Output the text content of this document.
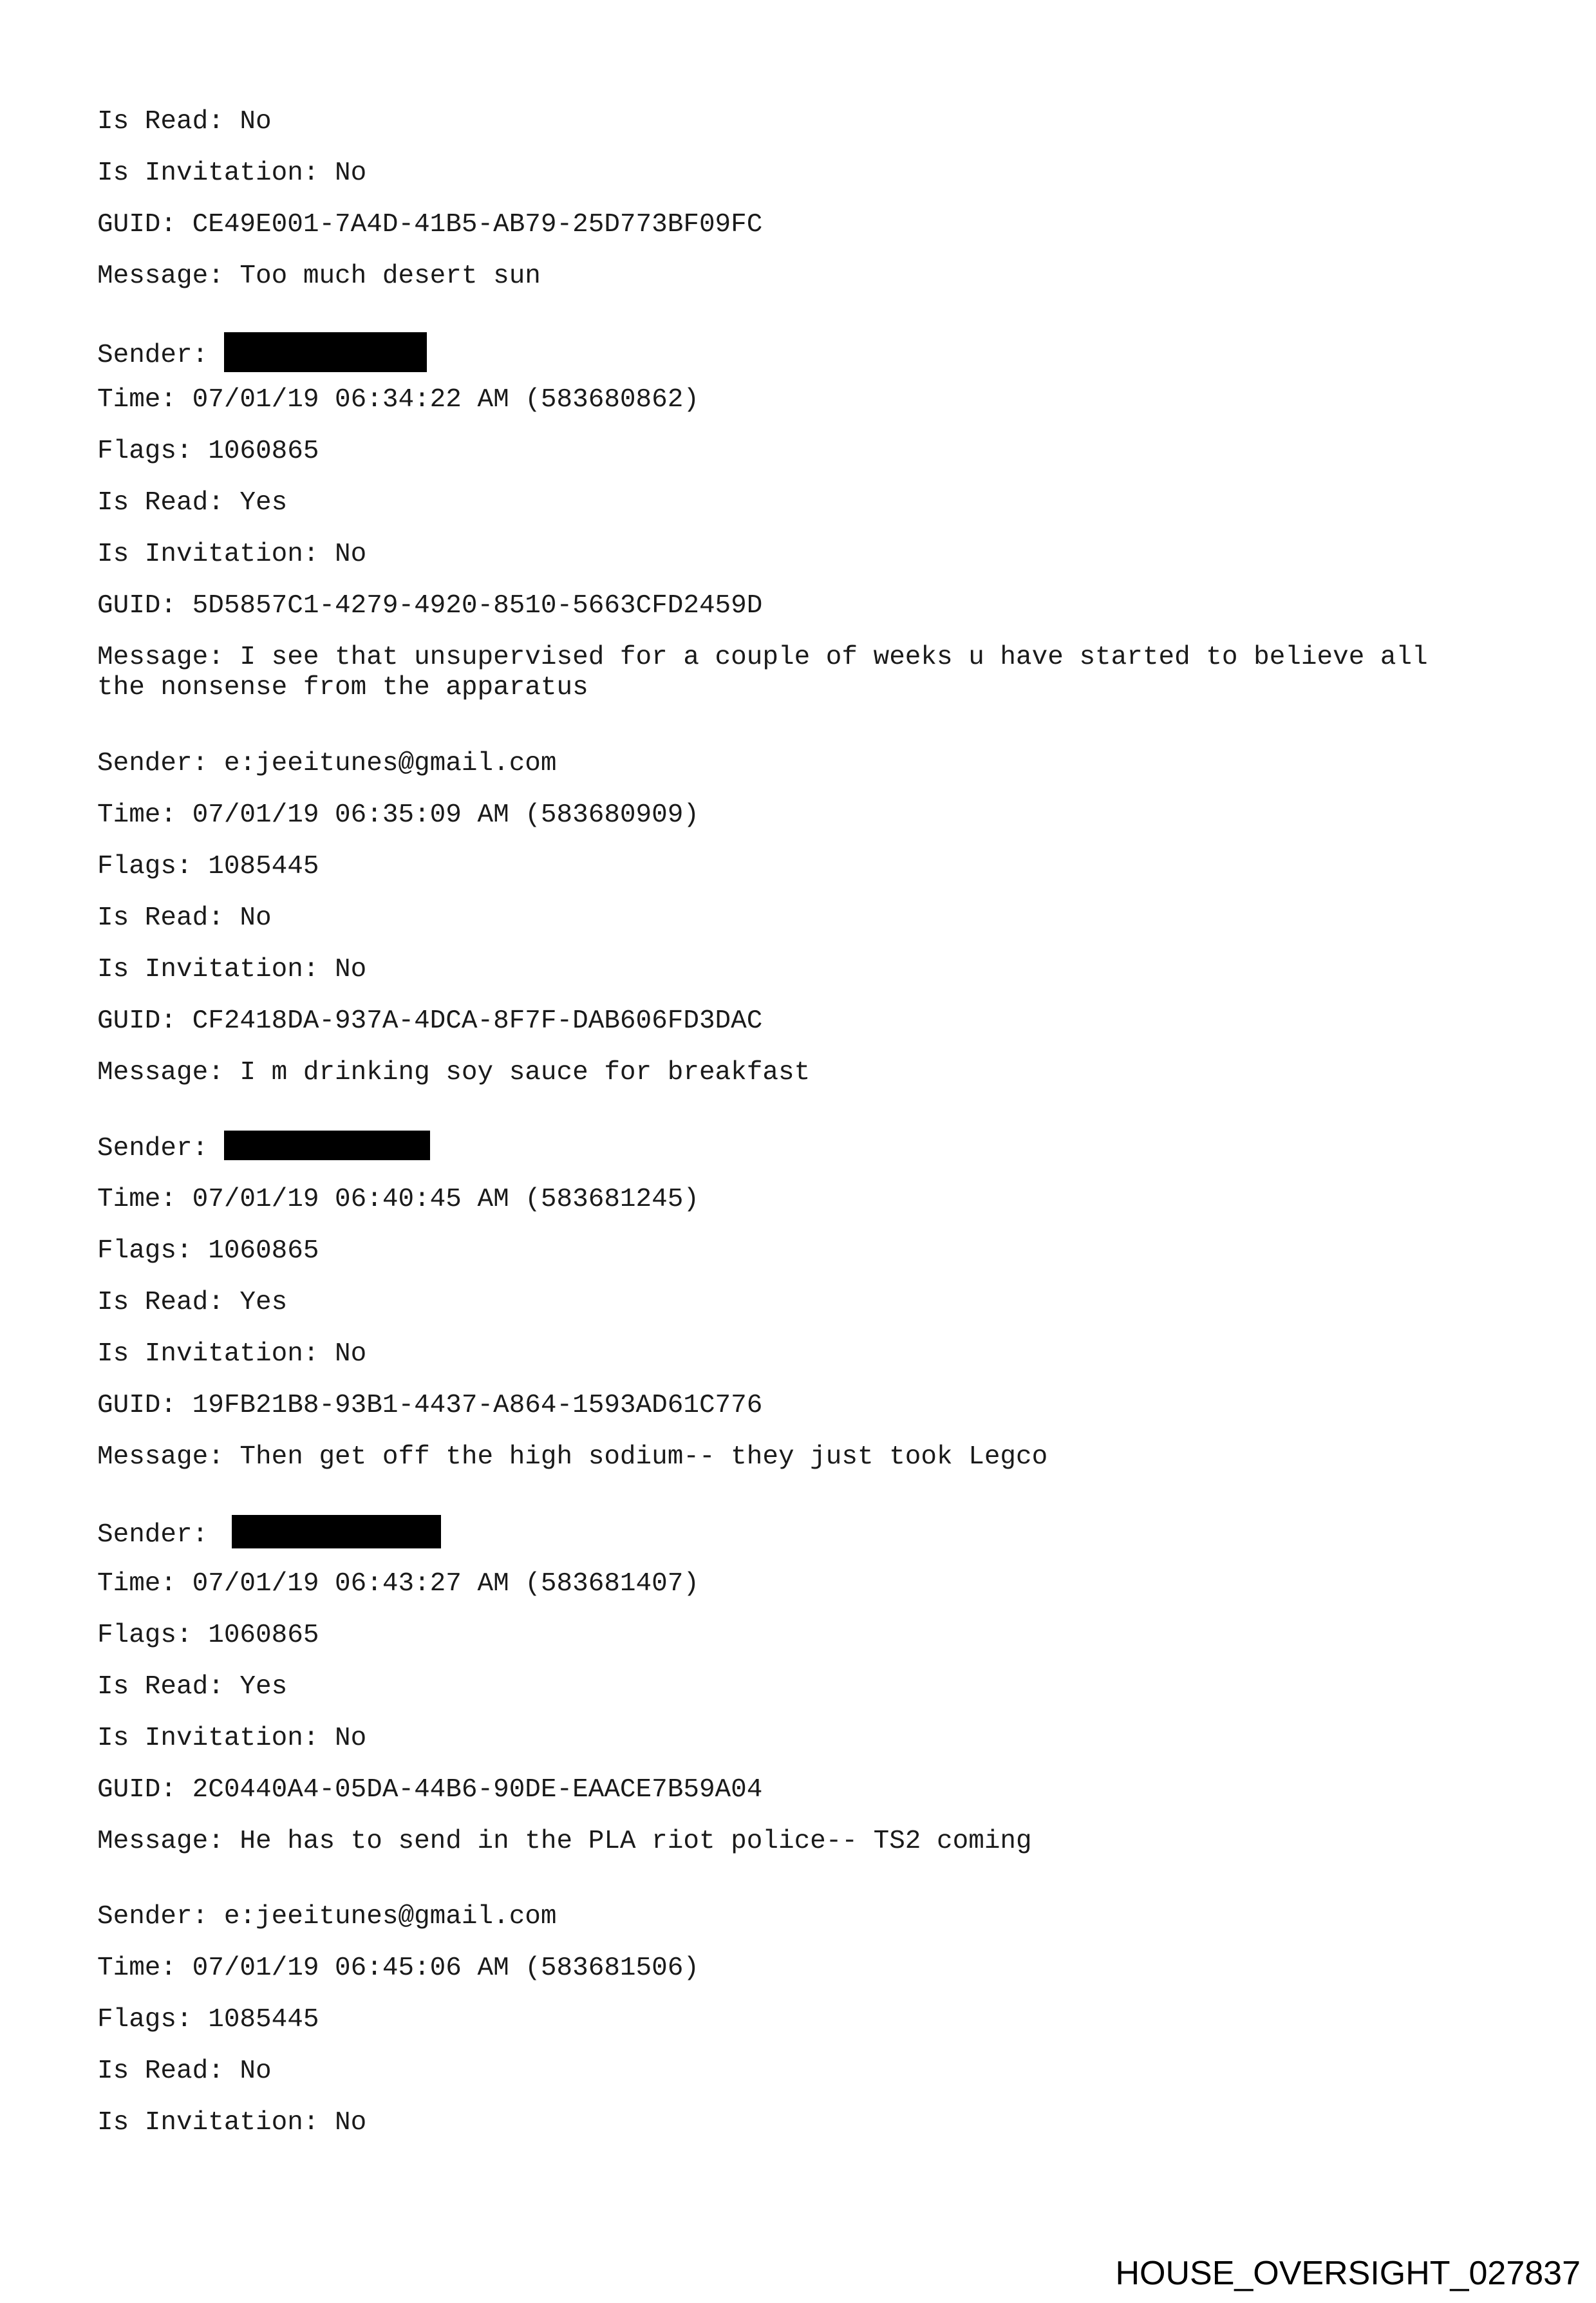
Is Read: No
Is Invitation: No
GUID: CE49E001-7A4D-41B5-AB79-25D773BF09FC
Message: Too much desert sun
Sender:
Time: 07/01/19 06:34:22 AM (583680862)
Flags: 1060865
Is Read: Yes
Is Invitation: No
GUID: 5D5857C1-4279-4920-8510-5663CFD2459D
Message: I see that unsupervised for a couple of weeks u have started to believe all
the nonsense from the apparatus
Sender: e:jeeitunes@gmail.com
Time: 07/01/19 06:35:09 AM (583680909)
Flags: 1085445
Is Read: No
Is Invitation: No
GUID: CF2418DA-937A-4DCA-8F7F-DAB606FD3DAC
Message: I m drinking soy sauce for breakfast
Sender:
Time: 07/01/19 06:40:45 AM (583681245)
Flags: 1060865
Is Read: Yes
Is Invitation: No
GUID: 19FB21B8-93B1-4437-A864-1593AD61C776
Message: Then get off the high sodium-- they just took Legco
Sender:
Time: 07/01/19 06:43:27 AM (583681407)
Flags: 1060865
Is Read: Yes
Is Invitation: No
GUID: 2C0440A4-05DA-44B6-90DE-EAACE7B59A04
Message: He has to send in the PLA riot police-- TS2 coming
Sender: e:jeeitunes@gmail.com
Time: 07/01/19 06:45:06 AM (583681506)
Flags: 1085445
Is Read: No
Is Invitation: No
HOUSE_OVERSIGHT_027837
